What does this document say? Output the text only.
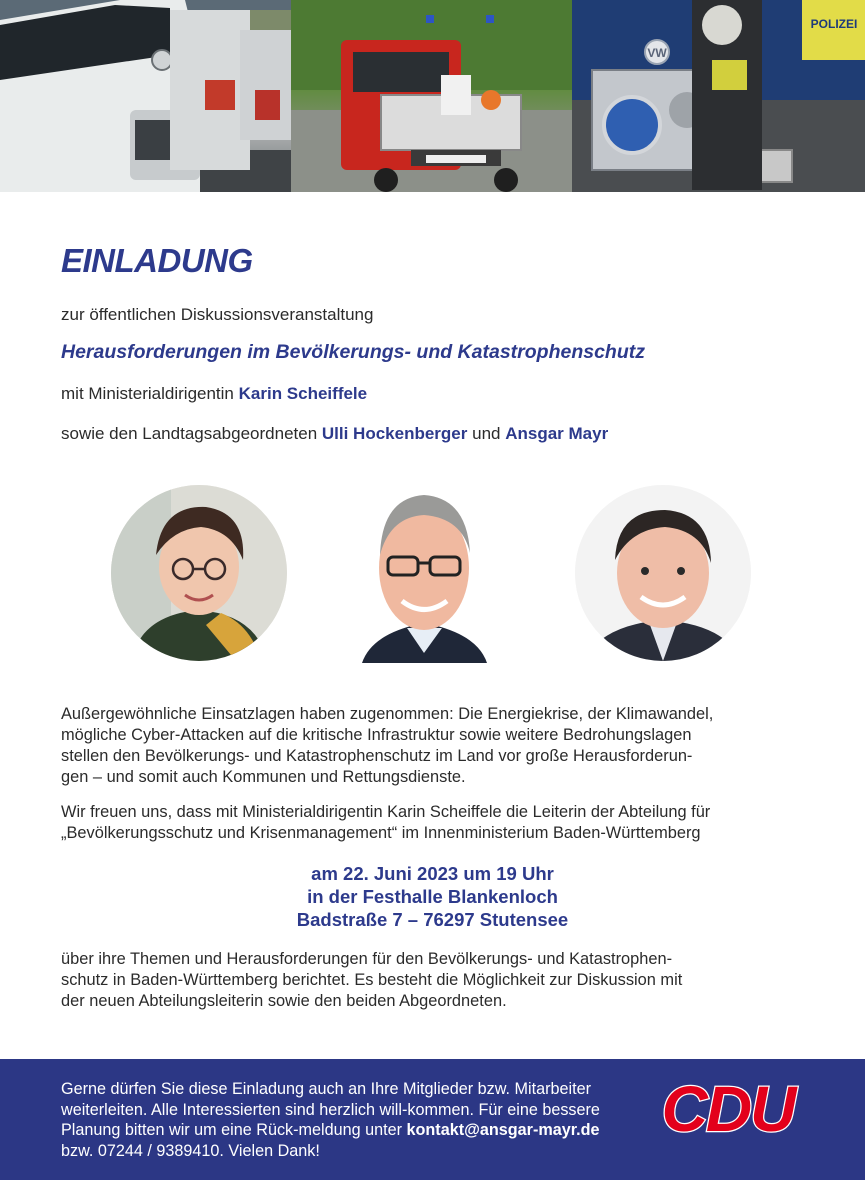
VW
POLIZEI
EINLADUNG
zur öffentlichen Diskussionsveranstaltung
Herausforderungen im Bevölkerungs- und Katastrophenschutz
mit Ministerialdirigentin Karin Scheiffele
sowie den Landtagsabgeordneten Ulli Hockenberger und Ansgar Mayr

Außergewöhnliche Einsatzlagen haben zugenommen: Die Energiekrise, der Klimawandel,
mögliche Cyber-Attacken auf die kritische Infrastruktur sowie weitere Bedrohungslagen
stellen den Bevölkerungs- und Katastrophenschutz im Land vor große Herausforderun-
gen – und somit auch Kommunen und Rettungsdienste.

Wir freuen uns, dass mit Ministerialdirigentin Karin Scheiffele die Leiterin der Abteilung für
„Bevölkerungsschutz und Krisenmanagement“ im Innenministerium Baden-Württemberg

am 22. Juni 2023 um 19 Uhr
in der Festhalle Blankenloch
Badstraße 7 – 76297 Stutensee

über ihre Themen und Herausforderungen für den Bevölkerungs- und Katastrophen-
schutz in Baden-Württemberg berichtet. Es besteht die Möglichkeit zur Diskussion mit
der neuen Abteilungsleiterin sowie den beiden Abgeordneten.

Gerne dürfen Sie diese Einladung auch an Ihre Mitglieder bzw. Mitarbeiter weiterleiten. Alle Interessierten sind herzlich will-kommen. Für eine bessere Planung bitten wir um eine Rück-meldung unter kontakt@ansgar-mayr.de bzw. 07244 / 9389410. Vielen Dank!

CDU
